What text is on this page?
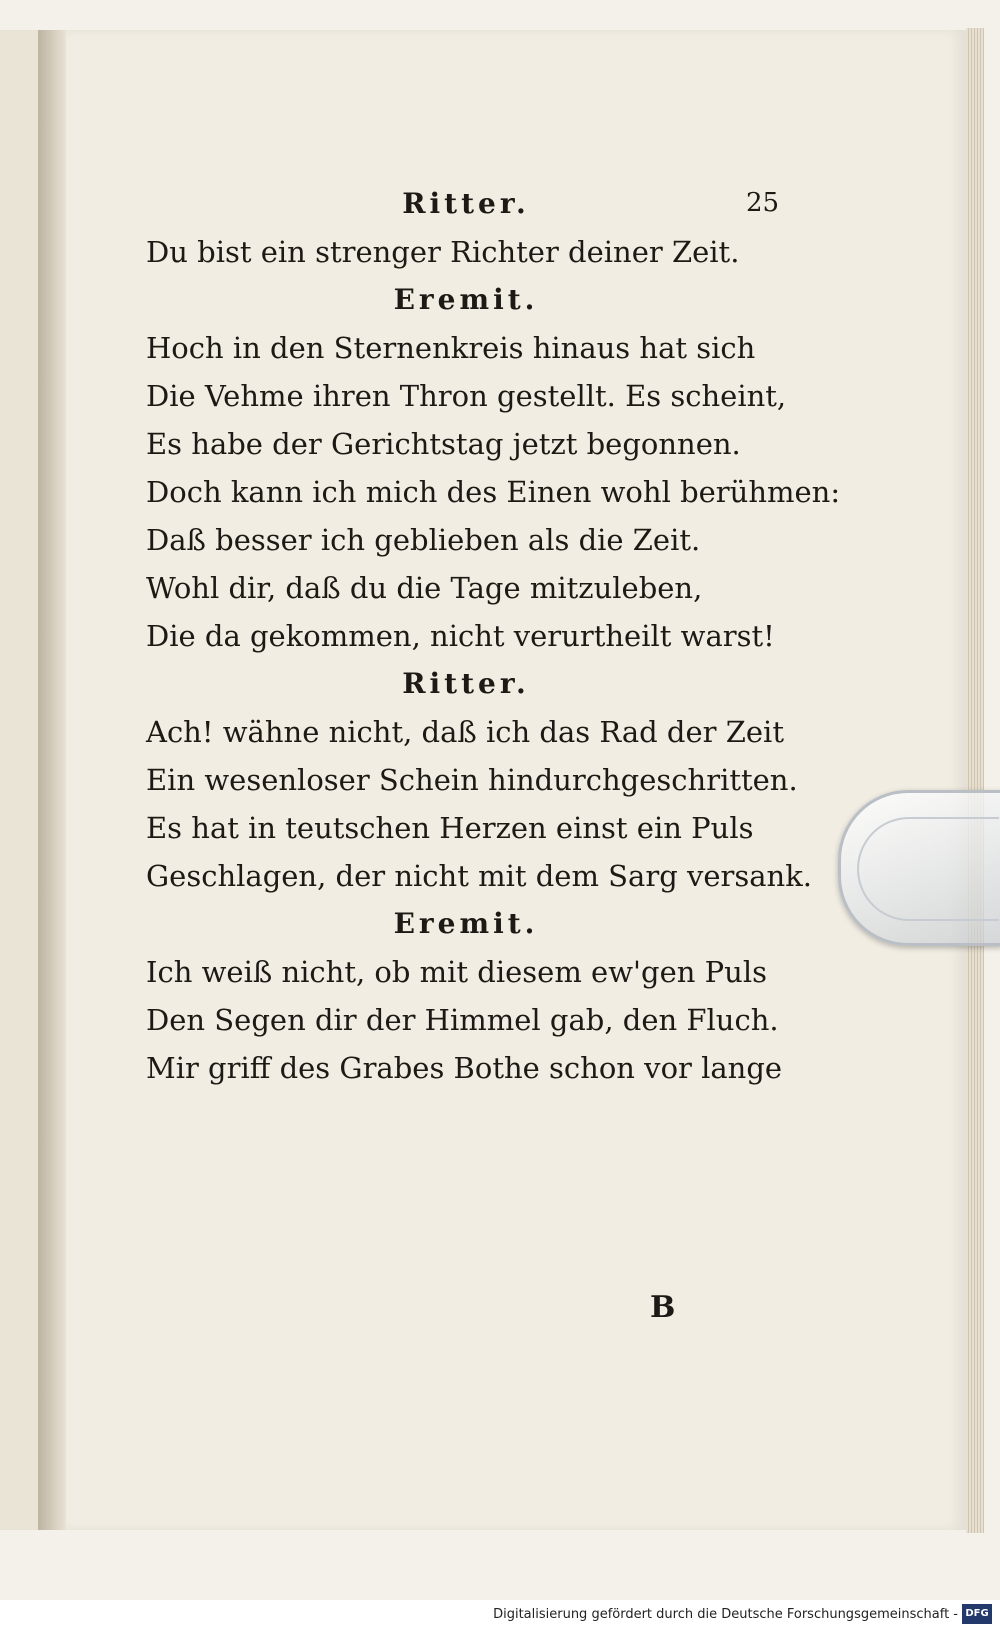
25
Ritter.
Du bist ein strenger Richter deiner Zeit.
Eremit.
Hoch in den Sternenkreis hinaus hat sich
Die Vehme ihren Thron gestellt. Es scheint,
Es habe der Gerichtstag jetzt begonnen.
Doch kann ich mich des Einen wohl berühmen:
Daß besser ich geblieben als die Zeit.
Wohl dir, daß du die Tage mitzuleben,
Die da gekommen, nicht verurtheilt warst!
Ritter.
Ach! wähne nicht, daß ich das Rad der Zeit
Ein wesenloser Schein hindurchgeschritten.
Es hat in teutschen Herzen einst ein Puls
Geschlagen, der nicht mit dem Sarg versank.
Eremit.
Ich weiß nicht, ob mit diesem ew'gen Puls
Den Segen dir der Himmel gab, den Fluch.
Mir griff des Grabes Bothe schon vor lange
B
Digitalisierung gefördert durch die Deutsche Forschungsgemeinschaft - DFG
